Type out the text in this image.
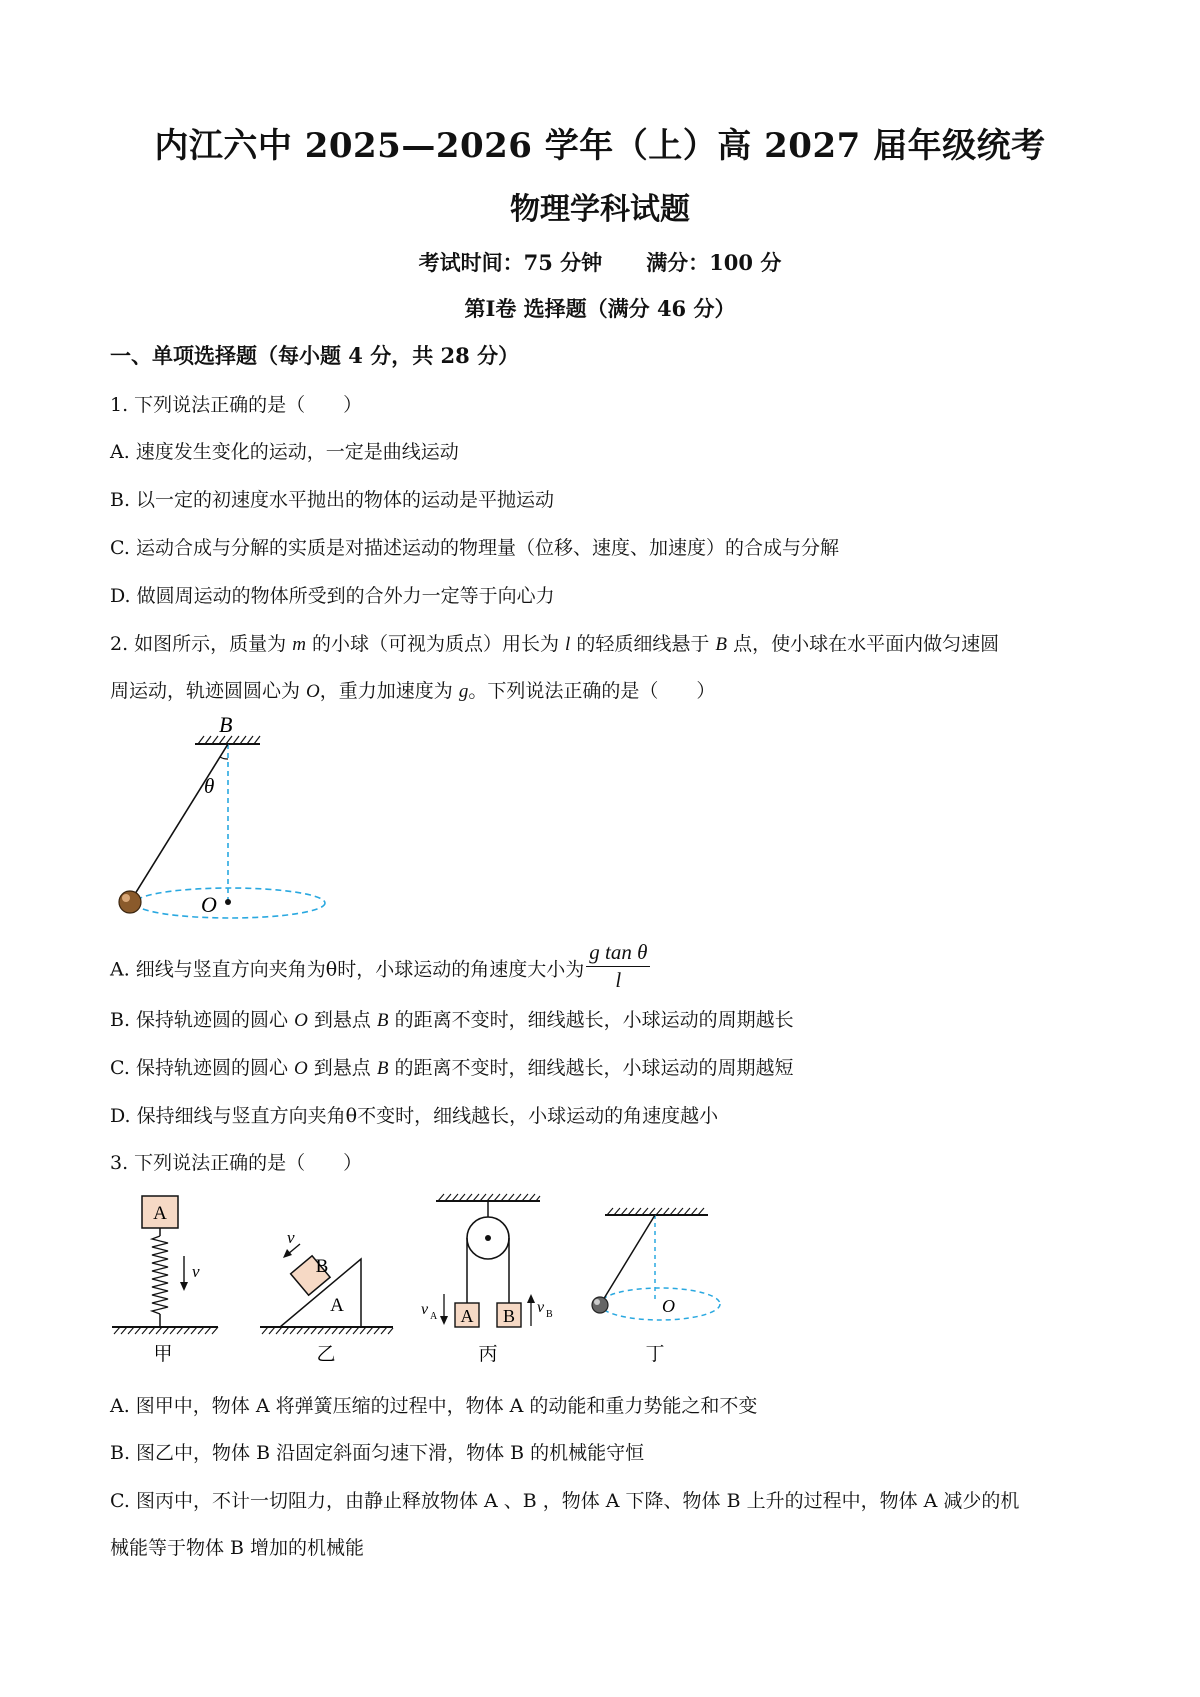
内江六中 2025—2026 学年（上）高 2027 届年级统考
物理学科试题
考试时间：75 分钟 满分：100 分
第I卷 选择题（满分 46 分）
一、单项选择题（每小题 4 分，共 28 分）
1. 下列说法正确的是（　　）
A. 速度发生变化的运动，一定是曲线运动
B. 以一定的初速度水平抛出的物体的运动是平抛运动
C. 运动合成与分解的实质是对描述运动的物理量（位移、速度、加速度）的合成与分解
D. 做圆周运动的物体所受到的合外力一定等于向心力
2. 如图所示，质量为 m 的小球（可视为质点）用长为 l 的轻质细线悬于 B 点，使小球在水平面内做匀速圆
周运动，轨迹圆圆心为 O，重力加速度为 g。下列说法正确的是（　　）
B
θ
O
A. 细线与竖直方向夹角为θ时，小球运动的角速度大小为 $\frac{\text{g tan θ}}{l}$
B. 保持轨迹圆的圆心 O 到悬点 B 的距离不变时，细线越长，小球运动的周期越长
C. 保持轨迹圆的圆心 O 到悬点 B 的距离不变时，细线越长，小球运动的周期越短
D. 保持细线与竖直方向夹角θ不变时，细线越长，小球运动的角速度越小
3. 下列说法正确的是（　　）
A
v
甲
A
B
v
乙
A B
v A
v B
丙
O
丁
A. 图甲中，物体 A 将弹簧压缩的过程中，物体 A 的动能和重力势能之和不变
B. 图乙中，物体 B 沿固定斜面匀速下滑，物体 B 的机械能守恒
C. 图丙中，不计一切阻力，由静止释放物体 A 、B ，物体 A 下降、物体 B 上升的过程中，物体 A 减少的机
械能等于物体 B 增加的机械能
